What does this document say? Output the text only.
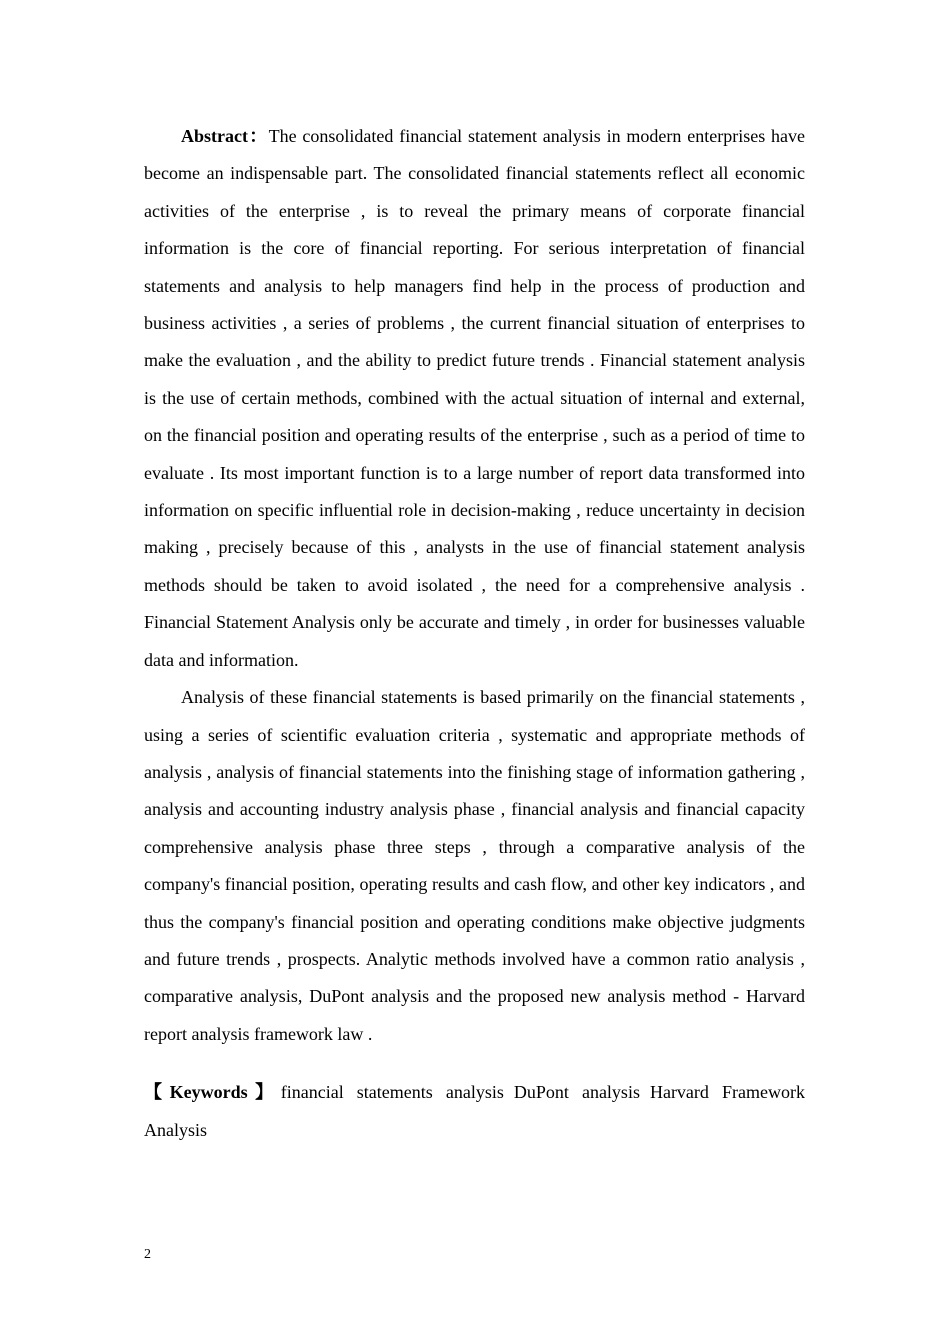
Abstract：The consolidated financial statement analysis in modern enterprises have become an indispensable part. The consolidated financial statements reflect all economic activities of the enterprise , is to reveal the primary means of corporate financial information is the core of financial reporting. For serious interpretation of financial statements and analysis to help managers find help in the process of production and business activities , a series of problems , the current financial situation of enterprises to make the evaluation , and the ability to predict future trends . Financial statement analysis is the use of certain methods, combined with the actual situation of internal and external, on the financial position and operating results of the enterprise , such as a period of time to evaluate . Its most important function is to a large number of report data transformed into information on specific influential role in decision-making , reduce uncertainty in decision making , precisely because of this , analysts in the use of financial statement analysis methods should be taken to avoid isolated , the need for a comprehensive analysis . Financial Statement Analysis only be accurate and timely , in order for businesses valuable data and information.

Analysis of these financial statements is based primarily on the financial statements , using a series of scientific evaluation criteria , systematic and appropriate methods of analysis , analysis of financial statements into the finishing stage of information gathering , analysis and accounting industry analysis phase , financial analysis and financial capacity comprehensive analysis phase three steps , through a comparative analysis of the company's financial position, operating results and cash flow, and other key indicators , and thus the company's financial position and operating conditions make objective judgments and future trends , prospects. Analytic methods involved have a common ratio analysis , comparative analysis, DuPont analysis and the proposed new analysis method - Harvard report analysis framework law .

【Keywords】financial statements analysis DuPont analysis Harvard Framework Analysis

2
